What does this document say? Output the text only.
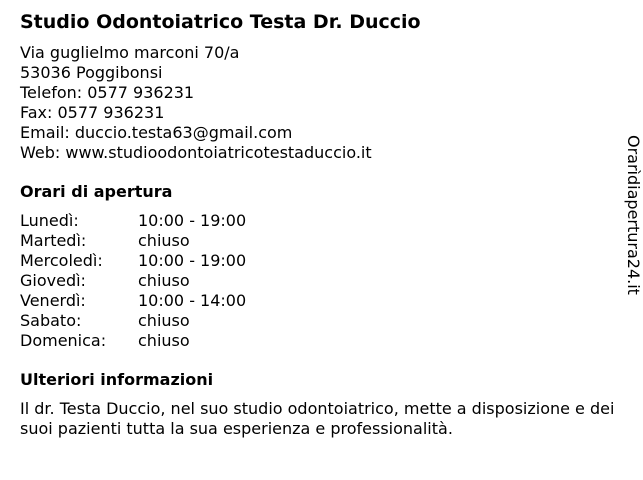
Studio Odontoiatrico Testa Dr. Duccio
Via guglielmo marconi 70/a
53036 Poggibonsi
Telefon: 0577 936231
Fax: 0577 936231
Email: duccio.testa63@gmail.com
Web: www.studioodontoiatricotestaduccio.it
Orari di apertura
Lunedì:	10:00 - 19:00
Martedì:	chiuso
Mercoledì:	10:00 - 19:00
Giovedì:	chiuso
Venerdì:	10:00 - 14:00
Sabato:	chiuso
Domenica:	chiuso
Ulteriori informazioni
Il dr. Testa Duccio, nel suo studio odontoiatrico, mette a disposizione e dei suoi pazienti tutta la sua esperienza e professionalità.
Orarìdiapertura24.it
